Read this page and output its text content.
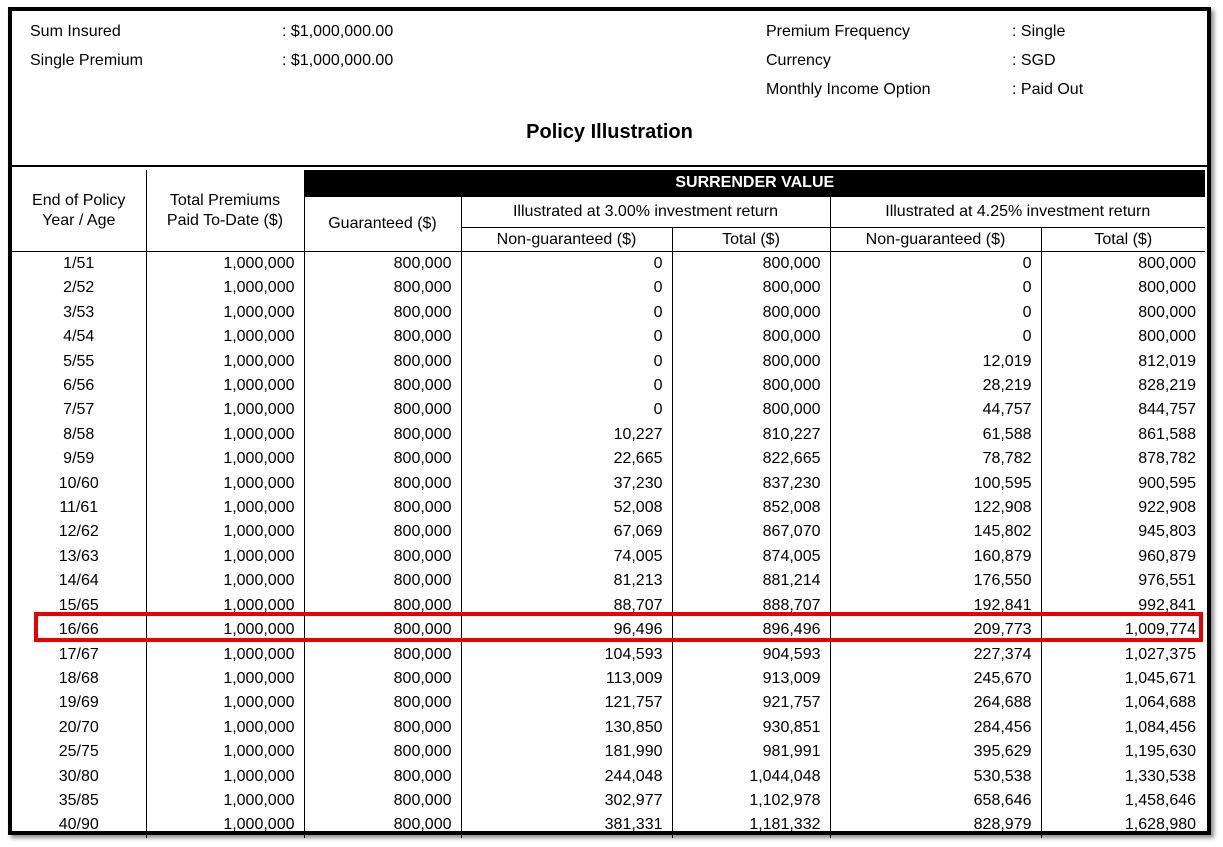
Sum Insured	: $1,000,000.00
Single Premium	: $1,000,000.00
Premium Frequency	: Single
Currency	: SGD
Monthly Income Option	: Paid Out
Policy Illustration
End of Policy Year / Age	Total Premiums Paid To-Date ($)	SURRENDER VALUE				
		Guaranteed ($)	Illustrated at 3.00% investment return		Illustrated at 4.25% investment return	
			Non-guaranteed ($)	Total ($)	Non-guaranteed ($)	Total ($)
1/51	1,000,000	800,000	0	800,000	0	800,000
2/52	1,000,000	800,000	0	800,000	0	800,000
3/53	1,000,000	800,000	0	800,000	0	800,000
4/54	1,000,000	800,000	0	800,000	0	800,000
5/55	1,000,000	800,000	0	800,000	12,019	812,019
6/56	1,000,000	800,000	0	800,000	28,219	828,219
7/57	1,000,000	800,000	0	800,000	44,757	844,757
8/58	1,000,000	800,000	10,227	810,227	61,588	861,588
9/59	1,000,000	800,000	22,665	822,665	78,782	878,782
10/60	1,000,000	800,000	37,230	837,230	100,595	900,595
11/61	1,000,000	800,000	52,008	852,008	122,908	922,908
12/62	1,000,000	800,000	67,069	867,070	145,802	945,803
13/63	1,000,000	800,000	74,005	874,005	160,879	960,879
14/64	1,000,000	800,000	81,213	881,214	176,550	976,551
15/65	1,000,000	800,000	88,707	888,707	192,841	992,841
16/66	1,000,000	800,000	96,496	896,496	209,773	1,009,774
17/67	1,000,000	800,000	104,593	904,593	227,374	1,027,375
18/68	1,000,000	800,000	113,009	913,009	245,670	1,045,671
19/69	1,000,000	800,000	121,757	921,757	264,688	1,064,688
20/70	1,000,000	800,000	130,850	930,851	284,456	1,084,456
25/75	1,000,000	800,000	181,990	981,991	395,629	1,195,630
30/80	1,000,000	800,000	244,048	1,044,048	530,538	1,330,538
35/85	1,000,000	800,000	302,977	1,102,978	658,646	1,458,646
40/90	1,000,000	800,000	381,331	1,181,332	828,979	1,628,980
